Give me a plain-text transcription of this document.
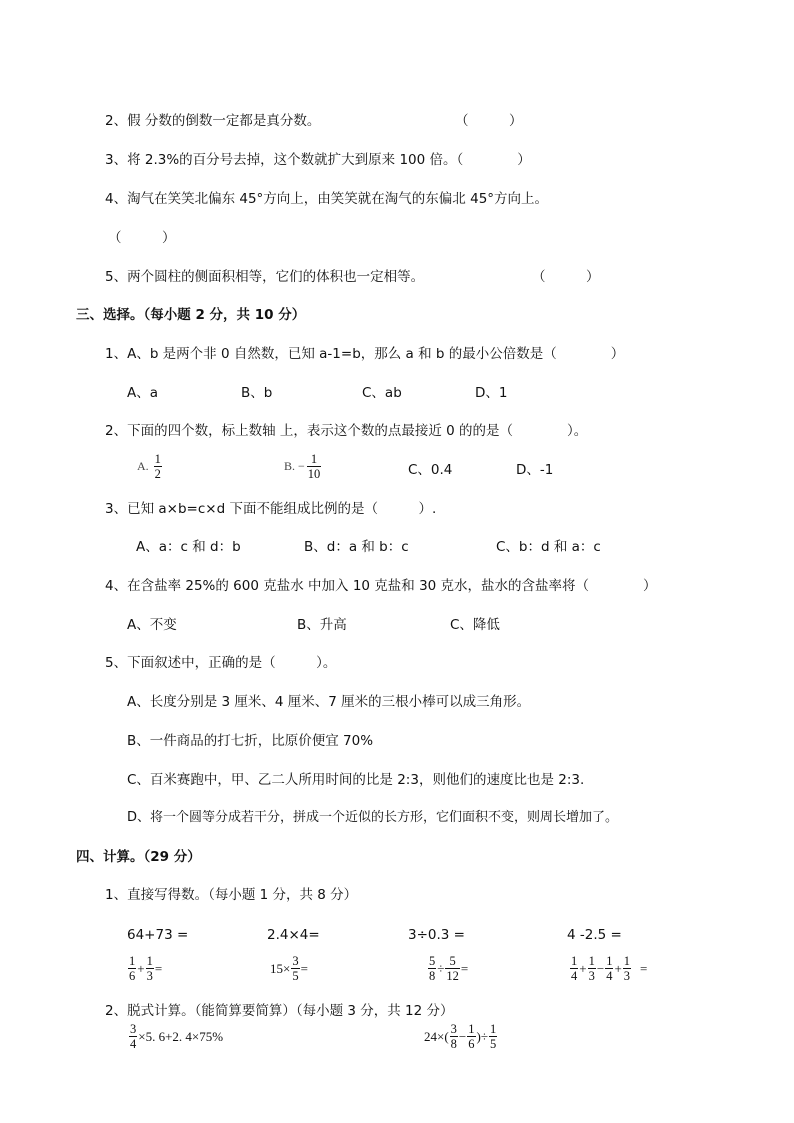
2、假 分数的倒数一定都是真分数。	（　　　）
3、将 2.3%的百分号去掉，这个数就扩大到原来 100 倍。（　　　　）
4、淘气在笑笑北偏东 45°方向上，由笑笑就在淘气的东偏北 45°方向上。
（　　　）
5、两个圆柱的侧面积相等，它们的体积也一定相等。	（　　　）
三、选择。（每小题 2 分，共 10 分）
1、A、b 是两个非 0 自然数，已知 a-1=b，那么 a 和 b 的最小公倍数是（　　　　）
A、a	B、b	C、ab	D、1
2、下面的四个数，标上数轴 上，表示这个数的点最接近 0 的的是（　　　　）。
A. $\frac{1}{2}$	B. − $\frac{1}{10}$	C、0.4	D、-1
3、已知 a×b=c×d 下面不能组成比例的是（　　　）.
A、a：c 和 d：b	B、d：a 和 b：c	C、b：d 和 a：c
4、在含盐率 25%的 600 克盐水 中加入 10 克盐和 30 克水，盐水的含盐率将（　　　　）
A、不变	B、升高	C、降低
5、下面叙述中，正确的是（　　　）。
A、长度分别是 3 厘米、4 厘米、7 厘米的三根小棒可以成三角形。
B、一件商品的打七折，比原价便宜 70%
C、百米赛跑中，甲、乙二人所用时间的比是 2:3，则他们的速度比也是 2:3.
D、将一个圆等分成若干分，拼成一个近似的长方形，它们面积不变，则周长增加了。
四、计算。（29 分）
1、直接写得数。（每小题 1 分，共 8 分）
64+73 =	2.4×4=	3÷0.3 =	4 -2.5 =
$\frac{1}{6} + \frac{1}{3}$ =	$15\times \frac{3}{5}$ =	$\frac{5}{8} \div \frac{5}{12}$ =	$\frac{1}{4} + \frac{1}{3} - \frac{1}{4} + \frac{1}{3}$ =
2、脱式计算。（能简算要简算）（每小题 3 分，共 12 分）
$\frac{3}{4} \times 5$. 6+2. 4×75%	$24\times( \frac{3}{8} - \frac{1}{6}$ )÷ $\frac{1}{5}$
